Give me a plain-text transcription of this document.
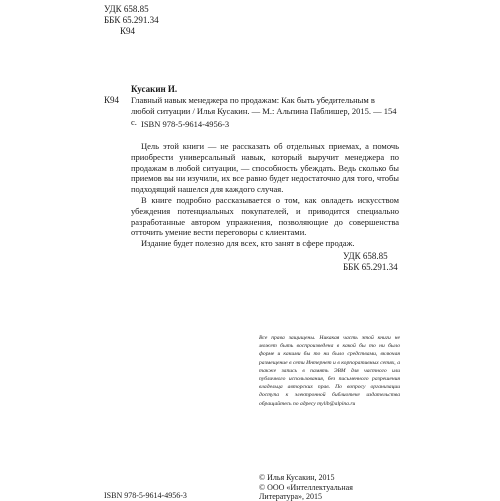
УДК 658.85
ББК 65.291.34
К94
Кусакин И.
К94 Главный навык менеджера по продажам: Как быть убедительным в любой ситуации / Илья Кусакин. — М.: Альпина Паблишер, 2015. — 154 с. ISBN 978-5-9614-4956-3

Цель этой книги — не рассказать об отдельных приемах, а помочь приобрести универсальный навык, который выручит менеджера по продажам в любой ситуации, — способность убеждать. Ведь сколько бы приемов вы ни изучили, их все равно будет недостаточно для того, чтобы подходящий нашелся для каждого случая.

В книге подробно рассказывается о том, как овладеть искусством убеждения потенциальных покупателей, и приводится специально разработанные автором упражнения, позволяющие до совершенства отточить умение вести переговоры с клиентами.

Издание будет полезно для всех, кто занят в сфере продаж.

УДК 658.85
ББК 65.291.34
Все права защищены. Никакая часть этой книги не может быть воспроизведена в какой бы то ни было форме и какими бы то ни было средствами, включая размещение в сети Интернет и в корпоративных сетях, а также запись в память ЭВМ для частного или публичного использования, без письменного разрешения владельца авторских прав. По вопросу организации доступа к электронной библиотеке издательства обращайтесь по адресу mylib@alpina.ru
© Илья Кусакин, 2015
© ООО «Интеллектуальная Литература», 2015
ISBN 978-5-9614-4956-3
